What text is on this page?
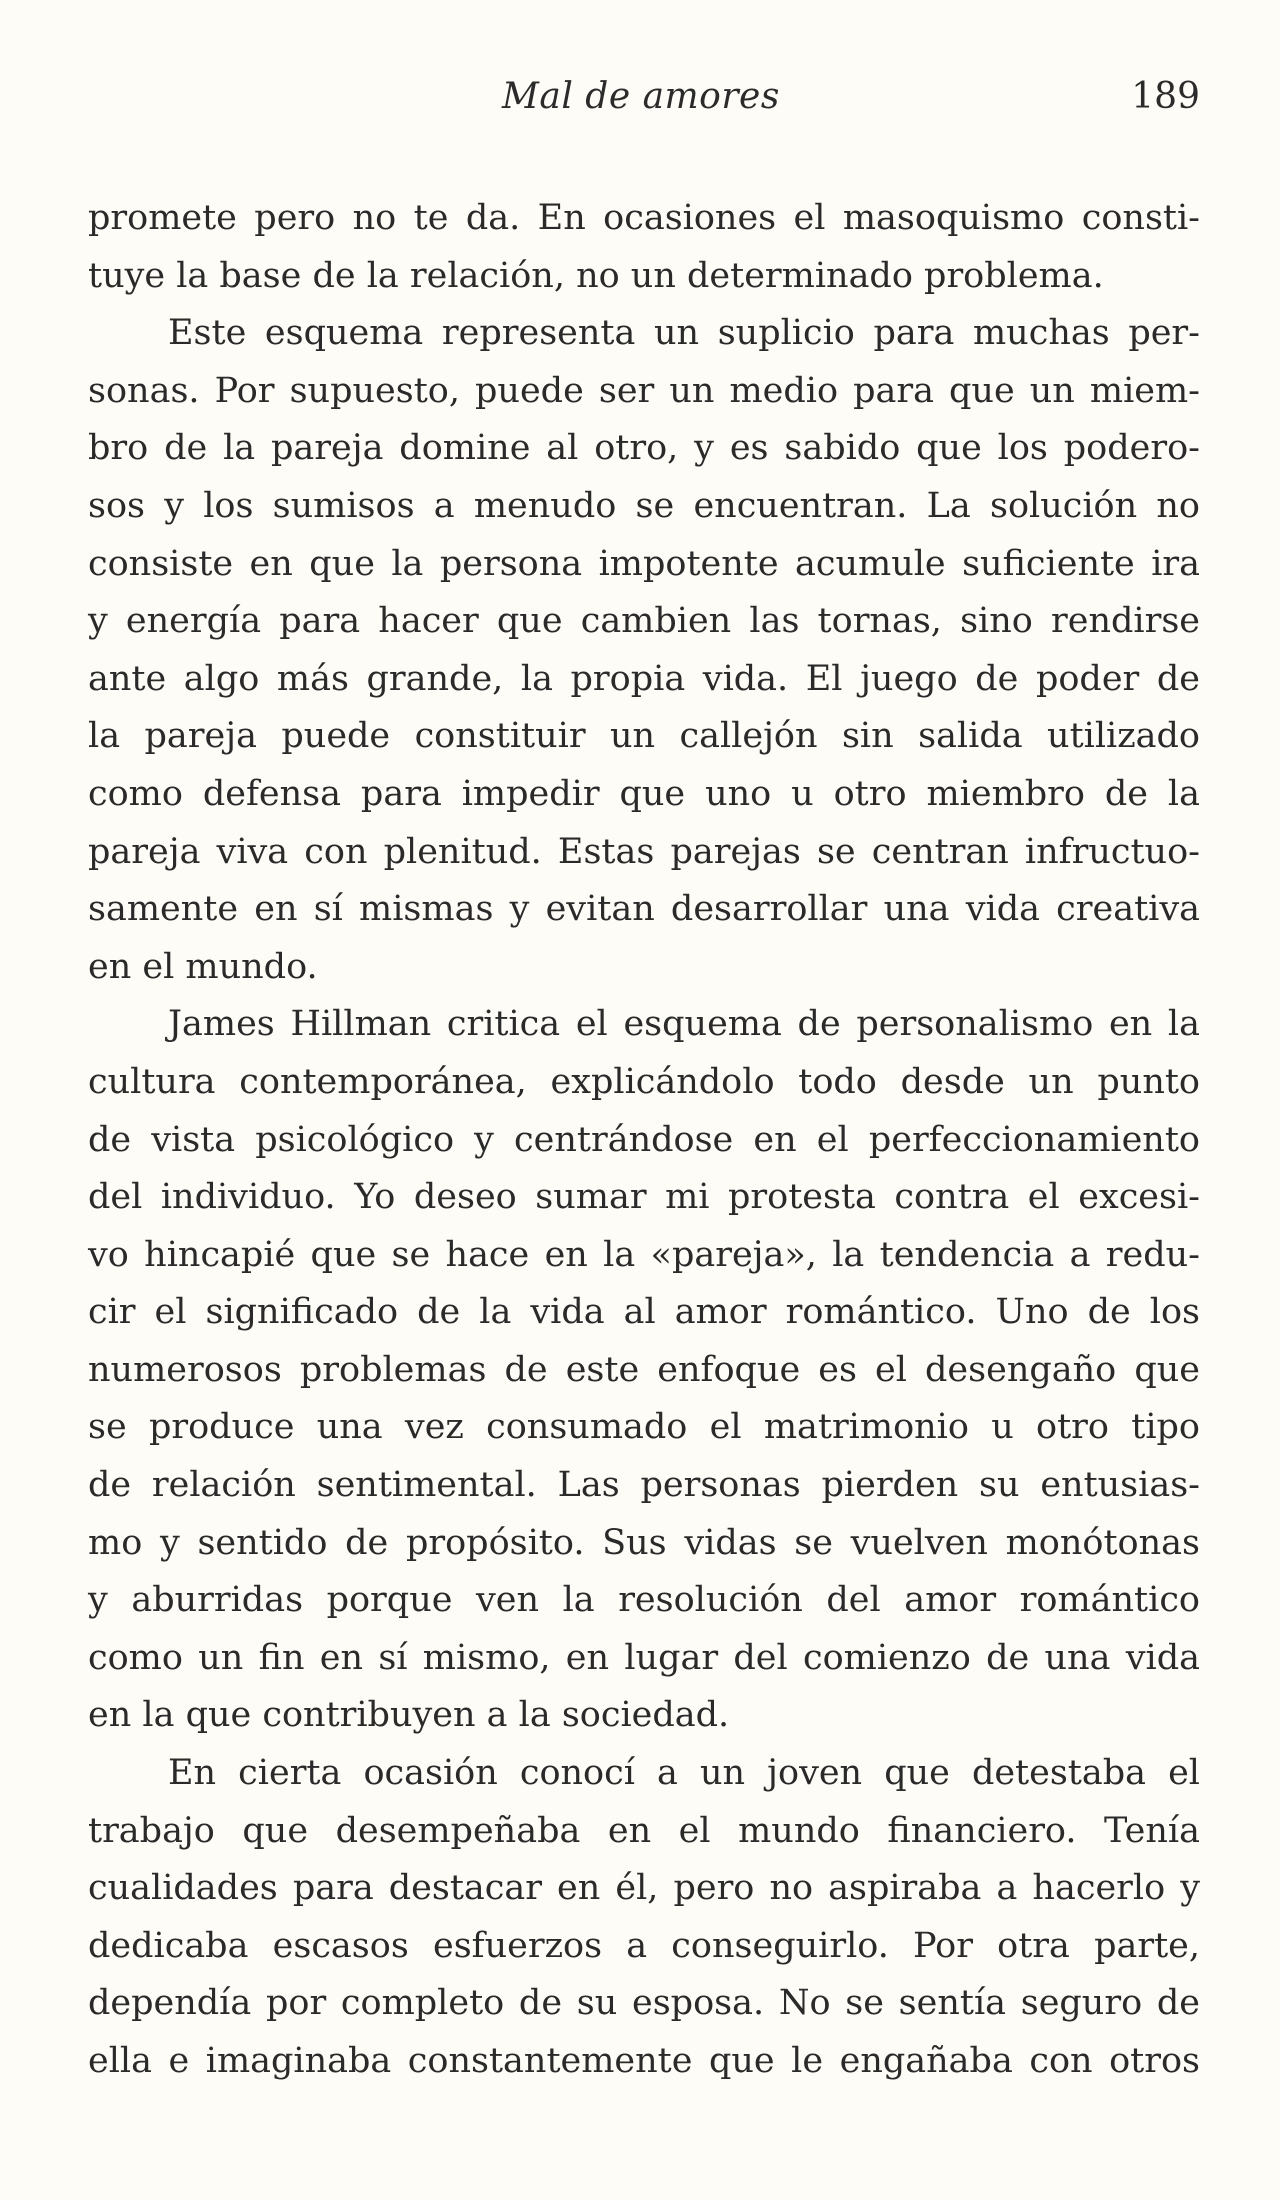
Mal de amores	189
promete pero no te da. En ocasiones el masoquismo consti-
tuye la base de la relación, no un determinado problema.
Este esquema representa un suplicio para muchas per-
sonas. Por supuesto, puede ser un medio para que un miem-
bro de la pareja domine al otro, y es sabido que los podero-
sos y los sumisos a menudo se encuentran. La solución no
consiste en que la persona impotente acumule suficiente ira
y energía para hacer que cambien las tornas, sino rendirse
ante algo más grande, la propia vida. El juego de poder de
la pareja puede constituir un callejón sin salida utilizado
como defensa para impedir que uno u otro miembro de la
pareja viva con plenitud. Estas parejas se centran infructuo-
samente en sí mismas y evitan desarrollar una vida creativa
en el mundo.
James Hillman critica el esquema de personalismo en la
cultura contemporánea, explicándolo todo desde un punto
de vista psicológico y centrándose en el perfeccionamiento
del individuo. Yo deseo sumar mi protesta contra el excesi-
vo hincapié que se hace en la «pareja», la tendencia a redu-
cir el significado de la vida al amor romántico. Uno de los
numerosos problemas de este enfoque es el desengaño que
se produce una vez consumado el matrimonio u otro tipo
de relación sentimental. Las personas pierden su entusias-
mo y sentido de propósito. Sus vidas se vuelven monótonas
y aburridas porque ven la resolución del amor romántico
como un fin en sí mismo, en lugar del comienzo de una vida
en la que contribuyen a la sociedad.
En cierta ocasión conocí a un joven que detestaba el
trabajo que desempeñaba en el mundo financiero. Tenía
cualidades para destacar en él, pero no aspiraba a hacerlo y
dedicaba escasos esfuerzos a conseguirlo. Por otra parte,
dependía por completo de su esposa. No se sentía seguro de
ella e imaginaba constantemente que le engañaba con otros
